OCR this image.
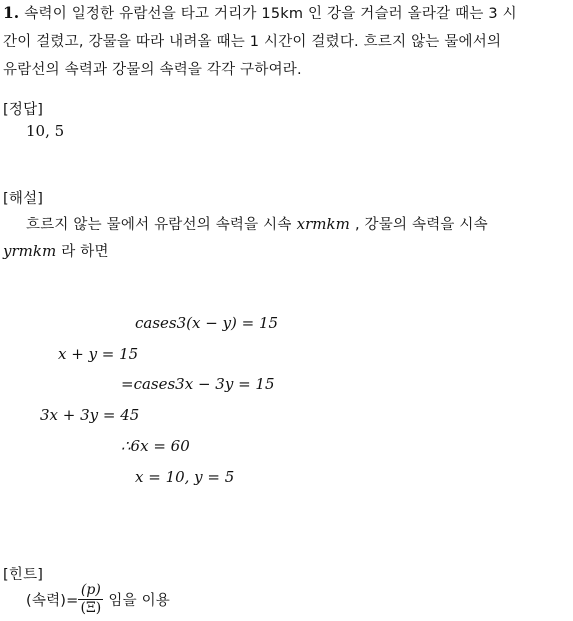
1. 속력이 일정한 유람선을 타고 거리가 15km 인 강을 거슬러 올라갈 때는 3 시
간이 걸렸고, 강물을 따라 내려올 때는 1 시간이 걸렸다. 흐르지 않는 물에서의
유람선의 속력과 강물의 속력을 각각 구하여라.
[정답]
10, 5
[해설]
흐르지 않는 물에서 유람선의 속력을 시속 xrmkm , 강물의 속력을 시속
yrmkm 라 하면
cases3(x − y) = 15
x + y = 15
=cases3x − 3y = 15
3x + 3y = 45
∴6x = 60
x = 10, y = 5
[힌트]
(속력)= $\frac{(p)}{(\Xi)}$ 임을 이용
